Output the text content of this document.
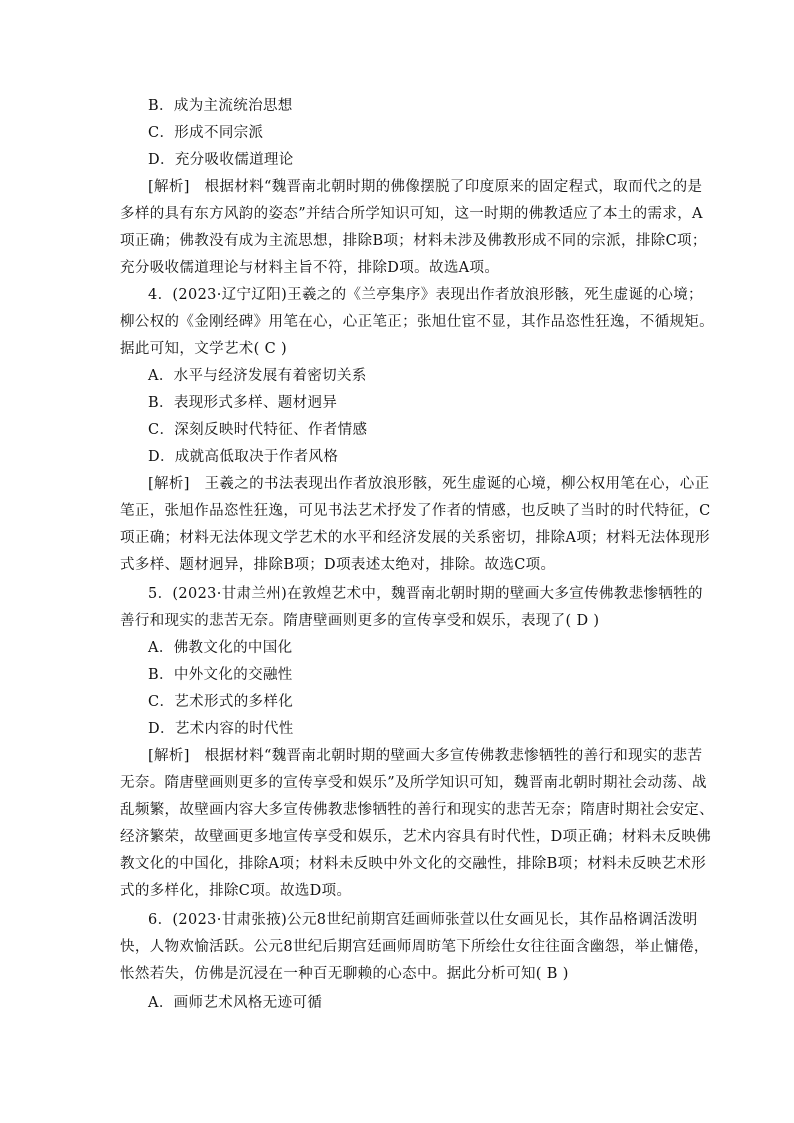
B．成为主流统治思想
C．形成不同宗派
D．充分吸收儒道理论
[解析]　根据材料“魏晋南北朝时期的佛像摆脱了印度原来的固定程式，取而代之的是
多样的具有东方风韵的姿态”并结合所学知识可知，这一时期的佛教适应了本土的需求，A
项正确；佛教没有成为主流思想，排除B项；材料未涉及佛教形成不同的宗派，排除C项；
充分吸收儒道理论与材料主旨不符，排除D项。故选A项。
4．(2023·辽宁辽阳)王羲之的《兰亭集序》表现出作者放浪形骸，死生虚诞的心境；
柳公权的《金刚经碑》用笔在心，心正笔正；张旭仕宦不显，其作品恣性狂逸，不循规矩。
据此可知，文学艺术( C )
A．水平与经济发展有着密切关系
B．表现形式多样、题材迥异
C．深刻反映时代特征、作者情感
D．成就高低取决于作者风格
[解析]　王羲之的书法表现出作者放浪形骸，死生虚诞的心境，柳公权用笔在心，心正
笔正，张旭作品恣性狂逸，可见书法艺术抒发了作者的情感，也反映了当时的时代特征，C
项正确；材料无法体现文学艺术的水平和经济发展的关系密切，排除A项；材料无法体现形
式多样、题材迥异，排除B项；D项表述太绝对，排除。故选C项。
5．(2023·甘肃兰州)在敦煌艺术中，魏晋南北朝时期的壁画大多宣传佛教悲惨牺牲的
善行和现实的悲苦无奈。隋唐壁画则更多的宣传享受和娱乐，表现了( D )
A．佛教文化的中国化
B．中外文化的交融性
C．艺术形式的多样化
D．艺术内容的时代性
[解析]　根据材料“魏晋南北朝时期的壁画大多宣传佛教悲惨牺牲的善行和现实的悲苦
无奈。隋唐壁画则更多的宣传享受和娱乐”及所学知识可知，魏晋南北朝时期社会动荡、战
乱频繁，故壁画内容大多宣传佛教悲惨牺牲的善行和现实的悲苦无奈；隋唐时期社会安定、
经济繁荣，故壁画更多地宣传享受和娱乐，艺术内容具有时代性，D项正确；材料未反映佛
教文化的中国化，排除A项；材料未反映中外文化的交融性，排除B项；材料未反映艺术形
式的多样化，排除C项。故选D项。
6．(2023·甘肃张掖)公元8世纪前期宫廷画师张萱以仕女画见长，其作品格调活泼明
快，人物欢愉活跃。公元8世纪后期宫廷画师周昉笔下所绘仕女往往面含幽怨，举止慵倦，
怅然若失，仿佛是沉浸在一种百无聊赖的心态中。据此分析可知( B )
A．画师艺术风格无迹可循
